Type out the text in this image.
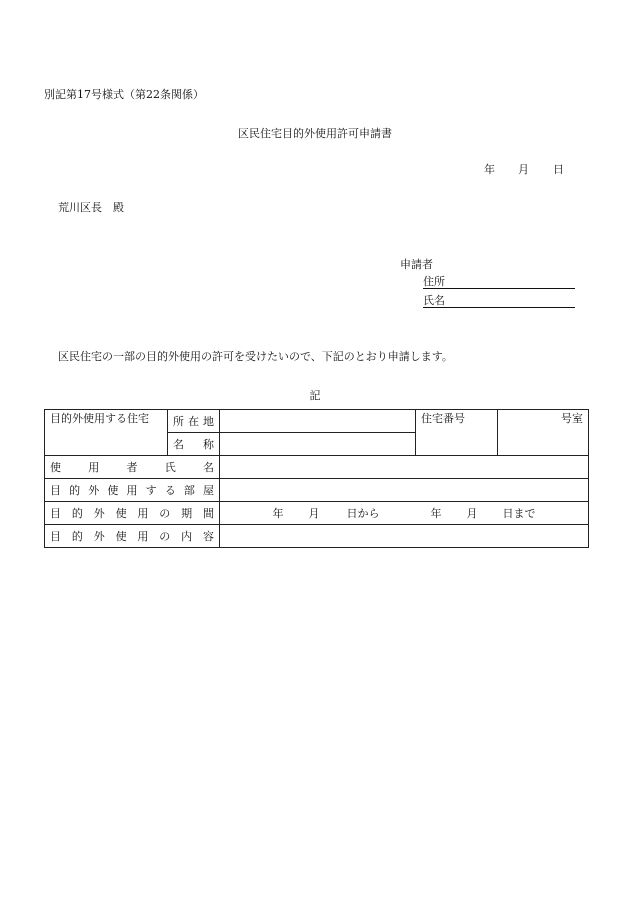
別記第17号様式（第22条関係）
区民住宅目的外使用許可申請書
年 月 日
荒川区長　殿
申請者
住所
氏名
区民住宅の一部の目的外使用の許可を受けたいので、下記のとおり申請します。
記
目的外使用する住宅	所在地		住宅番号	号室
	名　称			
使用者氏名				
目的外使用する部屋				
目的外使用の期間		年 月 日から 年 月 日まで		
目的外使用の内容				
